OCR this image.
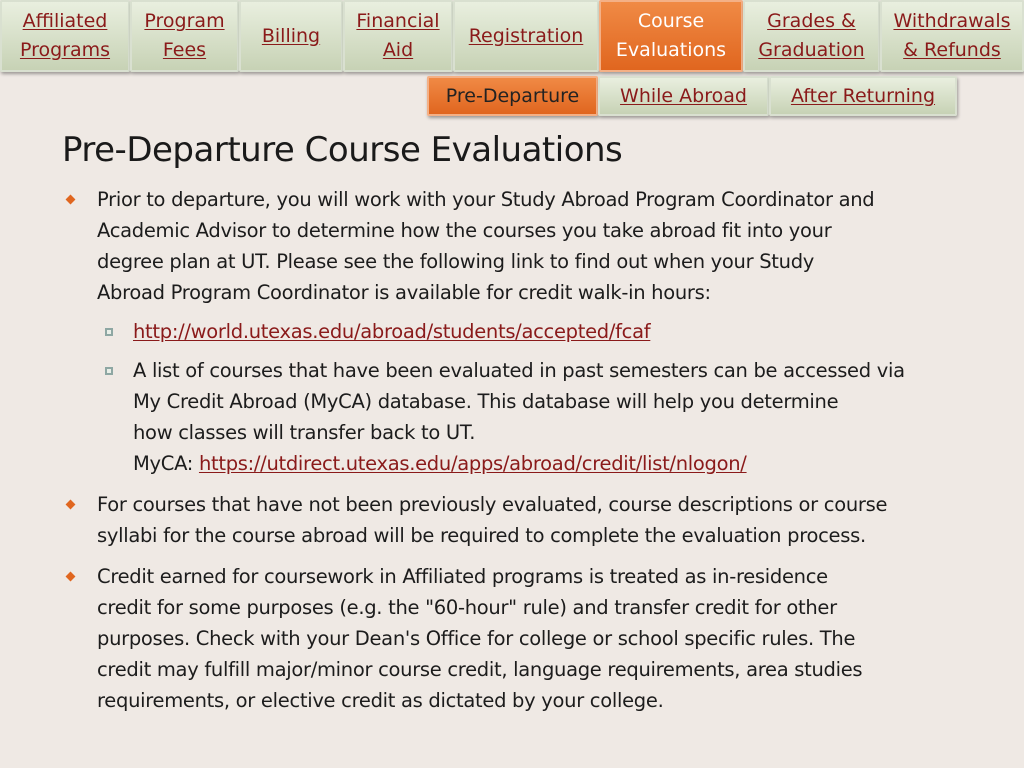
Affiliated
Programs
Program
Fees
Billing
Financial
Aid
Registration
Course
Evaluations
Grades &
Graduation
Withdrawals
& Refunds
Pre-Departure While Abroad After Returning
Pre-Departure Course Evaluations
Prior to departure, you will work with your Study Abroad Program Coordinator and
Academic Advisor to determine how the courses you take abroad fit into your
degree plan at UT. Please see the following link to find out when your Study
Abroad Program Coordinator is available for credit walk-in hours:
http://world.utexas.edu/abroad/students/accepted/fcaf
A list of courses that have been evaluated in past semesters can be accessed via
My Credit Abroad (MyCA) database. This database will help you determine
how classes will transfer back to UT.
MyCA: https://utdirect.utexas.edu/apps/abroad/credit/list/nlogon/
For courses that have not been previously evaluated, course descriptions or course
syllabi for the course abroad will be required to complete the evaluation process.
Credit earned for coursework in Affiliated programs is treated as in-residence
credit for some purposes (e.g. the "60-hour" rule) and transfer credit for other
purposes. Check with your Dean's Office for college or school specific rules. The
credit may fulfill major/minor course credit, language requirements, area studies
requirements, or elective credit as dictated by your college.
